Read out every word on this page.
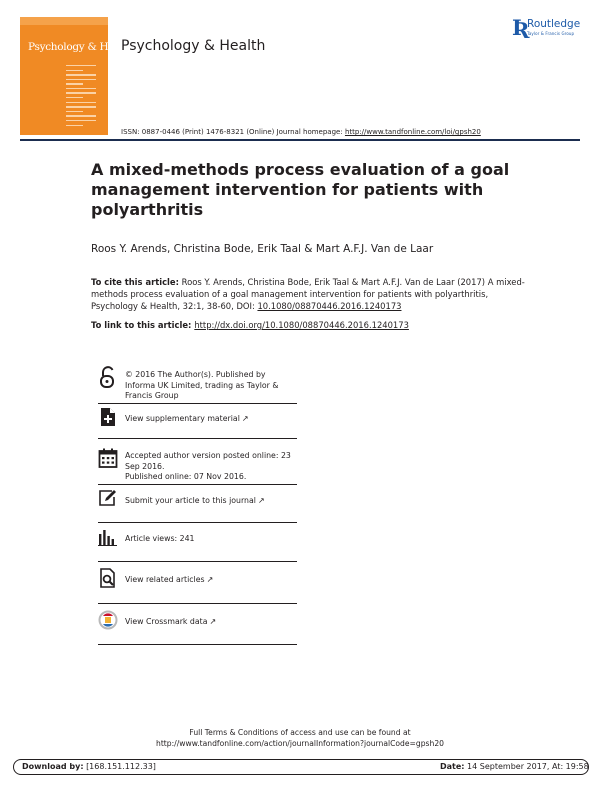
Psychology & Health
Psychology & Health
Ʀ
Routledge
Taylor & Francis Group
ISSN: 0887-0446 (Print) 1476-8321 (Online) Journal homepage: http://www.tandfonline.com/loi/gpsh20
A mixed-methods process evaluation of a goal management intervention for patients with polyarthritis
Roos Y. Arends, Christina Bode, Erik Taal & Mart A.F.J. Van de Laar
To cite this article: Roos Y. Arends, Christina Bode, Erik Taal & Mart A.F.J. Van de Laar (2017) A mixed-methods process evaluation of a goal management intervention for patients with polyarthritis, Psychology & Health, 32:1, 38-60, DOI: 10.1080/08870446.2016.1240173
To link to this article: http://dx.doi.org/10.1080/08870446.2016.1240173
© 2016 The Author(s). Published by Informa UK Limited, trading as Taylor & Francis Group
View supplementary material ↗
Accepted author version posted online: 23 Sep 2016.
Published online: 07 Nov 2016.
Submit your article to this journal ↗
Article views: 241
View related articles ↗
View Crossmark data ↗
Full Terms & Conditions of access and use can be found at
http://www.tandfonline.com/action/journalInformation?journalCode=gpsh20
Download by: [168.151.112.33]	Date: 14 September 2017, At: 19:58
